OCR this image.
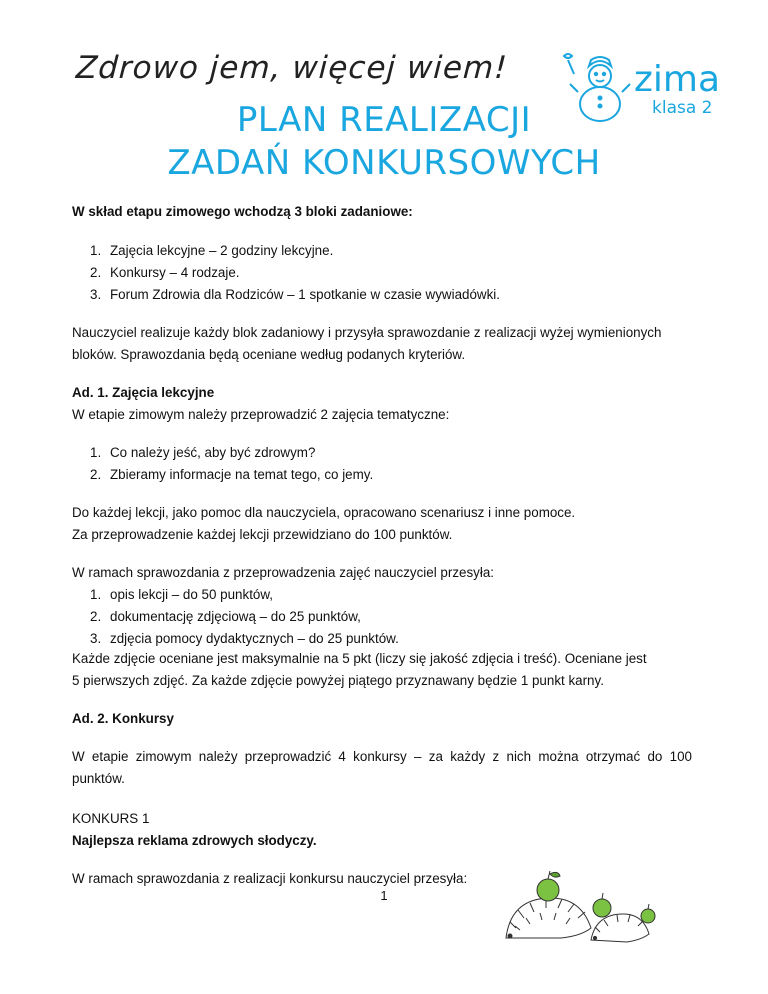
Zdrowo jem, więcej wiem!
PLAN REALIZACJI
ZADAŃ KONKURSOWYCH
zima
klasa 2
W skład etapu zimowego wchodzą 3 bloki zadaniowe:
1. Zajęcia lekcyjne – 2 godziny lekcyjne.
2. Konkursy – 4 rodzaje.
3. Forum Zdrowia dla Rodziców – 1 spotkanie w czasie wywiadówki.
Nauczyciel realizuje każdy blok zadaniowy i przysyła sprawozdanie z realizacji wyżej wymienionych
bloków. Sprawozdania będą oceniane według podanych kryteriów.
Ad. 1. Zajęcia lekcyjne
W etapie zimowym należy przeprowadzić 2 zajęcia tematyczne:
1. Co należy jeść, aby być zdrowym?
2. Zbieramy informacje na temat tego, co jemy.
Do każdej lekcji, jako pomoc dla nauczyciela, opracowano scenariusz i inne pomoce.
Za przeprowadzenie każdej lekcji przewidziano do 100 punktów.
W ramach sprawozdania z przeprowadzenia zajęć nauczyciel przesyła:
1. opis lekcji – do 50 punktów,
2. dokumentację zdjęciową – do 25 punktów,
3. zdjęcia pomocy dydaktycznych – do 25 punktów.
Każde zdjęcie oceniane jest maksymalnie na 5 pkt (liczy się jakość zdjęcia i treść). Oceniane jest
5 pierwszych zdjęć. Za każde zdjęcie powyżej piątego przyznawany będzie 1 punkt karny.
Ad. 2. Konkursy
W etapie zimowym należy przeprowadzić 4 konkursy – za każdy z nich można otrzymać do 100 punktów.
KONKURS 1
Najlepsza reklama zdrowych słodyczy.
W ramach sprawozdania z realizacji konkursu nauczyciel przesyła:
1
